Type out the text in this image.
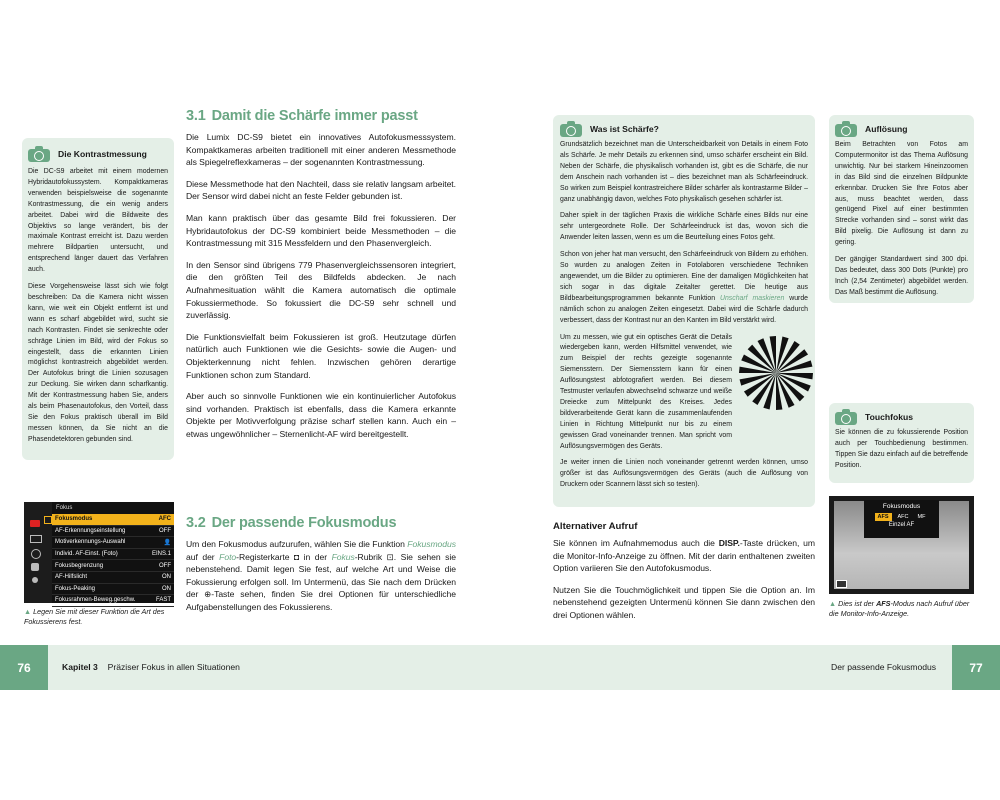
Die Kontrastmessung

Die DC-S9 arbeitet mit einem modernen Hybridautofokussystem. Kompaktkameras verwenden beispielsweise die sogenannte Kontrastmessung, die ein wenig anders arbeitet. Dabei wird die Bildweite des Objektivs so lange verändert, bis der maximale Kontrast erreicht ist. Dazu werden mehrere Bildpartien untersucht, und entsprechend länger dauert das Verfahren auch.

Diese Vorgehensweise lässt sich wie folgt beschreiben: Da die Kamera nicht wissen kann, wie weit ein Objekt entfernt ist und wann es scharf abgebildet wird, sucht sie nach Kontrasten. Findet sie senkrechte oder schräge Linien im Bild, wird der Fokus so eingestellt, dass die erkannten Linien möglichst kontrastreich abgebildet werden. Der Autofokus bringt die Linien sozusagen zur Deckung. Sie wirken dann scharfkantig. Mit der Kontrastmessung haben Sie, anders als beim Phasenautofokus, den Vorteil, dass Sie den Fokus praktisch überall im Bild messen können, da Sie nicht an die Phasendetektoren gebunden sind.

3.1 Damit die Schärfe immer passt

Die Lumix DC-S9 bietet ein innovatives Autofokusmesssystem. Kompaktkameras arbeiten traditionell mit einer anderen Messmethode als Spiegelreflexkameras – der sogenannten Kontrastmessung.

Diese Messmethode hat den Nachteil, dass sie relativ langsam arbeitet. Der Sensor wird dabei nicht an feste Felder gebunden ist.

Man kann praktisch über das gesamte Bild frei fokussieren. Der Hybridautofokus der DC-S9 kombiniert beide Messmethoden – die Kontrastmessung mit 315 Messfeldern und den Phasenvergleich.

In den Sensor sind übrigens 779 Phasenvergleichssensoren integriert, die den größten Teil des Bildfelds abdecken. Je nach Aufnahmesituation wählt die Kamera automatisch die optimale Fokussiermethode. So fokussiert die DC-S9 sehr schnell und zuverlässig.

Die Funktionsvielfalt beim Fokussieren ist groß. Heutzutage dürfen natürlich auch Funktionen wie die Gesichts- sowie die Augen- und Objekterkennung nicht fehlen. Inzwischen gehören derartige Funktionen schon zum Standard.

Aber auch so sinnvolle Funktionen wie ein kontinuierlicher Autofokus sind vorhanden. Praktisch ist ebenfalls, dass die Kamera erkannte Objekte per Motivverfolgung präzise scharf stellen kann. Auch ein – etwas ungewöhnlicher – Sternenlicht-AF wird bereitgestellt.

3.2 Der passende Fokusmodus

Um den Fokusmodus aufzurufen, wählen Sie die Funktion Fokusmodus auf der Foto-Registerkarte ◘ in der Fokus-Rubrik ⊡. Sie sehen sie nebenstehend. Damit legen Sie fest, auf welche Art und Weise die Fokussierung erfolgen soll. Im Untermenü, das Sie nach dem Drücken der ⊕-Taste sehen, finden Sie drei Optionen für unterschiedliche Aufgabenstellungen des Fokussierens.

Fokus
Fokusmodus	AFC
AF-Erkennungseinstellung	OFF
Motiverkennungs-Auswahl	👤
Individ. AF-Einst. (Foto)	EINS.1
Fokusbegrenzung	OFF
AF-Hilfslicht	ON
Fokus-Peaking	ON
Fokusrahmen-Beweg.geschw.	FAST
▲ Legen Sie mit dieser Funktion die Art des Fokussierens fest.
76	Kapitel 3 Präziser Fokus in allen Situationen
Was ist Schärfe?

Grundsätzlich bezeichnet man die Unterscheidbarkeit von Details in einem Foto als Schärfe. Je mehr Details zu erkennen sind, umso schärfer erscheint ein Bild. Neben der Schärfe, die physikalisch vorhanden ist, gibt es die Schärfe, die nur dem Anschein nach vorhanden ist – dies bezeichnet man als Schärfeeindruck. So wirken zum Beispiel kontrastreichere Bilder schärfer als kontrastarme Bilder – ganz unabhängig davon, welches Foto physikalisch gesehen schärfer ist.

Daher spielt in der täglichen Praxis die wirkliche Schärfe eines Bilds nur eine sehr untergeordnete Rolle. Der Schärfeeindruck ist das, wovon sich die Anwender leiten lassen, wenn es um die Beurteilung eines Fotos geht.

Schon von jeher hat man versucht, den Schärfeeindruck von Bildern zu erhöhen. So wurden zu analogen Zeiten in Fotolaboren verschiedene Techniken angewendet, um die Bilder zu optimieren. Eine der damaligen Möglichkeiten hat sich sogar in das digitale Zeitalter gerettet. Die heutige aus Bildbearbeitungsprogrammen bekannte Funktion Unscharf maskieren wurde nämlich schon zu analogen Zeiten eingesetzt. Dabei wird die Schärfe dadurch verbessert, dass der Kontrast nur an den Kanten im Bild verstärkt wird.

Um zu messen, wie gut ein optisches Gerät die Details wiedergeben kann, werden Hilfsmittel verwendet, wie zum Beispiel der rechts gezeigte sogenannte Siemensstern. Der Siemensstern kann für einen Auflösungstest abfotografiert werden. Bei diesem Testmuster verlaufen abwechselnd schwarze und weiße Dreiecke zum Mittelpunkt des Kreises. Jedes bildverarbeitende Gerät kann die zusammenlaufenden Linien in Richtung Mittelpunkt nur bis zu einem gewissen Grad voneinander trennen. Man spricht vom Auflösungsvermögen des Geräts.

Je weiter innen die Linien noch voneinander getrennt werden können, umso größer ist das Auflösungsvermögen des Geräts (auch die Auflösung von Druckern oder Scannern lässt sich so testen).

Alternativer Aufruf

Sie können im Aufnahmemodus auch die DISP.-Taste drücken, um die Monitor-Info-Anzeige zu öffnen. Mit der darin enthaltenen zweiten Option variieren Sie den Autofokusmodus.

Nutzen Sie die Touchmöglichkeit und tippen Sie die Option an. Im nebenstehend gezeigten Untermenü können Sie dann zwischen den drei Optionen wählen.

Auflösung

Beim Betrachten von Fotos am Computermonitor ist das Thema Auflösung unwichtig. Nur bei starkem Hineinzoomen in das Bild sind die einzelnen Bildpunkte erkennbar. Drucken Sie Ihre Fotos aber aus, muss beachtet werden, dass genügend Pixel auf einer bestimmten Strecke vorhanden sind – sonst wirkt das Bild pixelig. Die Auflösung ist dann zu gering.

Der gängiger Standardwert sind 300 dpi. Das bedeutet, dass 300 Dots (Punkte) pro Inch (2,54 Zentimeter) abgebildet werden. Das Maß bestimmt die Auflösung.

Touchfokus

Sie können die zu fokussierende Position auch per Touchbedienung bestimmen. Tippen Sie dazu einfach auf die betreffende Position.

Fokusmodus
AFS	AFC	MF
Einzel AF
▲ Dies ist der AFS-Modus nach Aufruf über die Monitor-Info-Anzeige.
Der passende Fokusmodus	77
